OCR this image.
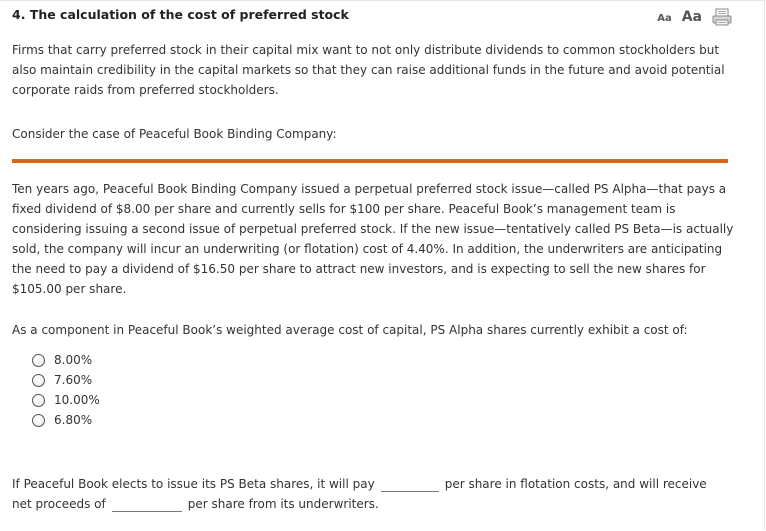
4. The calculation of the cost of preferred stock	Aa Aa
Firms that carry preferred stock in their capital mix want to not only distribute dividends to common stockholders but also maintain credibility in the capital markets so that they can raise additional funds in the future and avoid potential corporate raids from preferred stockholders.
Consider the case of Peaceful Book Binding Company:
Ten years ago, Peaceful Book Binding Company issued a perpetual preferred stock issue—called PS Alpha—that pays a fixed dividend of $8.00 per share and currently sells for $100 per share. Peaceful Book’s management team is considering issuing a second issue of perpetual preferred stock. If the new issue—tentatively called PS Beta—is actually sold, the company will incur an underwriting (or flotation) cost of 4.40%. In addition, the underwriters are anticipating the need to pay a dividend of $16.50 per share to attract new investors, and is expecting to sell the new shares for $105.00 per share.
As a component in Peaceful Book’s weighted average cost of capital, PS Alpha shares currently exhibit a cost of:
8.00%
7.60%
10.00%
6.80%
If Peaceful Book elects to issue its PS Beta shares, it will pay	per share in flotation costs, and will receive
net proceeds of	per share from its underwriters.
